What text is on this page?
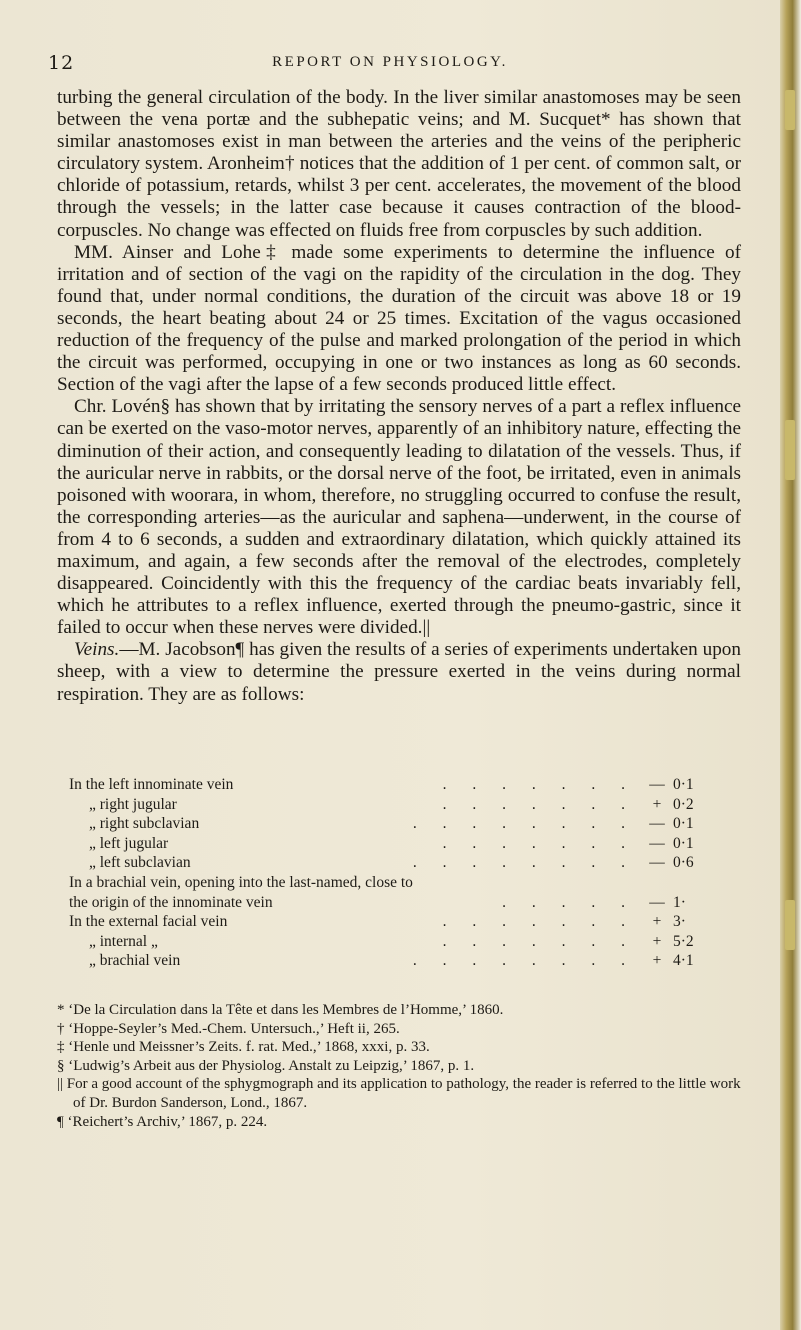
12	REPORT ON PHYSIOLOGY.

turbing the general circulation of the body. In the liver similar anastomoses may be seen between the vena portæ and the subhepatic veins; and M. Sucquet* has shown that similar anastomoses exist in man between the arteries and the veins of the peripheric circulatory system. Aronheim† notices that the addition of 1 per cent. of common salt, or chloride of potassium, retards, whilst 3 per cent. accelerates, the movement of the blood through the vessels; in the latter case because it causes contraction of the blood-corpuscles. No change was effected on fluids free from corpuscles by such addition.

MM. Ainser and Lohe‡ made some experiments to determine the influence of irritation and of section of the vagi on the rapidity of the circulation in the dog. They found that, under normal conditions, the duration of the circuit was above 18 or 19 seconds, the heart beating about 24 or 25 times. Excitation of the vagus occasioned reduction of the frequency of the pulse and marked prolongation of the period in which the circuit was performed, occupying in one or two instances as long as 60 seconds. Section of the vagi after the lapse of a few seconds produced little effect.

Chr. Lovén§ has shown that by irritating the sensory nerves of a part a reflex influence can be exerted on the vaso-motor nerves, apparently of an inhibitory nature, effecting the diminution of their action, and consequently leading to dilatation of the vessels. Thus, if the auricular nerve in rabbits, or the dorsal nerve of the foot, be irritated, even in animals poisoned with woorara, in whom, therefore, no struggling occurred to confuse the result, the corresponding arteries—as the auricular and saphena—underwent, in the course of from 4 to 6 seconds, a sudden and extraordinary dilatation, which quickly attained its maximum, and again, a few seconds after the removal of the electrodes, completely disappeared. Coincidently with this the frequency of the cardiac beats invariably fell, which he attributes to a reflex influence, exerted through the pneumo-gastric, since it failed to occur when these nerves were divided.||

Veins.—M. Jacobson¶ has given the results of a series of experiments undertaken upon sheep, with a view to determine the pressure exerted in the veins during normal respiration. They are as follows:

In the left innominate vein	. . . . . . . — 0·1
„ right jugular	. . . . . . .	+ 0·2
„ right subclavian	. . . . . . . . — 0·1
„ left jugular	. . . . . . . — 0·1
„ left subclavian	. . . . . . . . — 0·6
In a brachial vein, opening into the last-named, close to
the origin of the innominate vein	. . . . . — 1·
In the external facial vein	. . . . . . .	+ 3·
„ internal „	. . . . . . .	+ 5·2
„ brachial vein	. . . . . . . .	+ 4·1

* ‘De la Circulation dans la Tête et dans les Membres de l’Homme,’ 1860.

† ‘Hoppe-Seyler’s Med.-Chem. Untersuch.,’ Heft ii, 265.

‡ ‘Henle und Meissner’s Zeits. f. rat. Med.,’ 1868, xxxi, p. 33.

§ ‘Ludwig’s Arbeit aus der Physiolog. Anstalt zu Leipzig,’ 1867, p. 1.

|| For a good account of the sphygmograph and its application to pathology, the reader is referred to the little work of Dr. Burdon Sanderson, Lond., 1867.

¶ ‘Reichert’s Archiv,’ 1867, p. 224.
